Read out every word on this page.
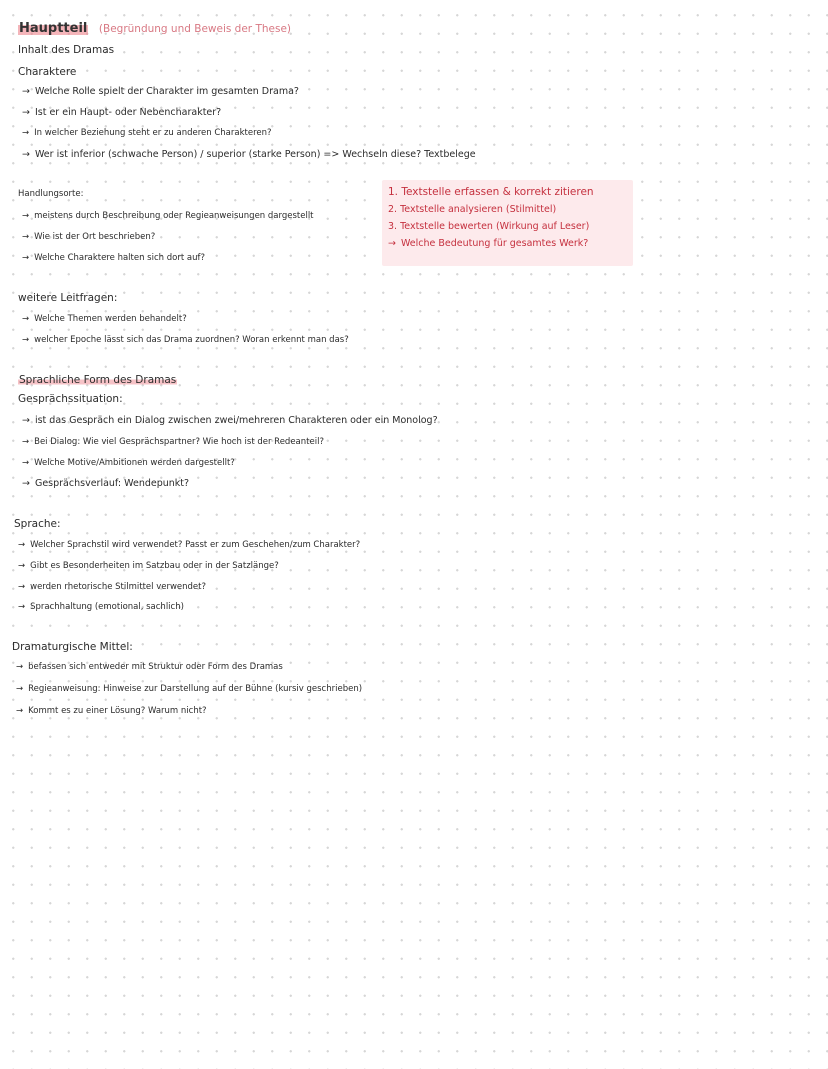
Hauptteil (Begründung und Beweis der These)
Inhalt des Dramas
Charaktere
→ Welche Rolle spielt der Charakter im gesamten Drama?
→ Ist er ein Haupt- oder Nebencharakter?
→ In welcher Beziehung steht er zu anderen Charakteren?
→ Wer ist inferior (schwache Person) / superior (starke Person) => Wechseln diese? Textbelege
Handlungsorte:
→ meistens durch Beschreibung oder Regieanweisungen dargestellt
→ Wie ist der Ort beschrieben?
→ Welche Charaktere halten sich dort auf?
1. Textstelle erfassen & korrekt zitieren
2. Textstelle analysieren (Stilmittel)
3. Textstelle bewerten (Wirkung auf Leser)
→ Welche Bedeutung für gesamtes Werk?
weitere Leitfragen:
→ Welche Themen werden behandelt?
→ welcher Epoche lässt sich das Drama zuordnen? Woran erkennt man das?
Sprachliche Form des Dramas
Gesprächssituation:
→ ist das Gespräch ein Dialog zwischen zwei/mehreren Charakteren oder ein Monolog?
→ Bei Dialog: Wie viel Gesprächspartner? Wie hoch ist der Redeanteil?
→ Welche Motive/Ambitionen werden dargestellt?
→ Gesprächsverlauf: Wendepunkt?
Sprache:
→ Welcher Sprachstil wird verwendet? Passt er zum Geschehen/zum Charakter?
→ Gibt es Besonderheiten im Satzbau oder in der Satzlänge?
→ werden rhetorische Stilmittel verwendet?
→ Sprachhaltung (emotional, sachlich)
Dramaturgische Mittel:
→ befassen sich entweder mit Struktur oder Form des Dramas
→ Regieanweisung: Hinweise zur Darstellung auf der Bühne (kursiv geschrieben)
→ Kommt es zu einer Lösung? Warum nicht?
